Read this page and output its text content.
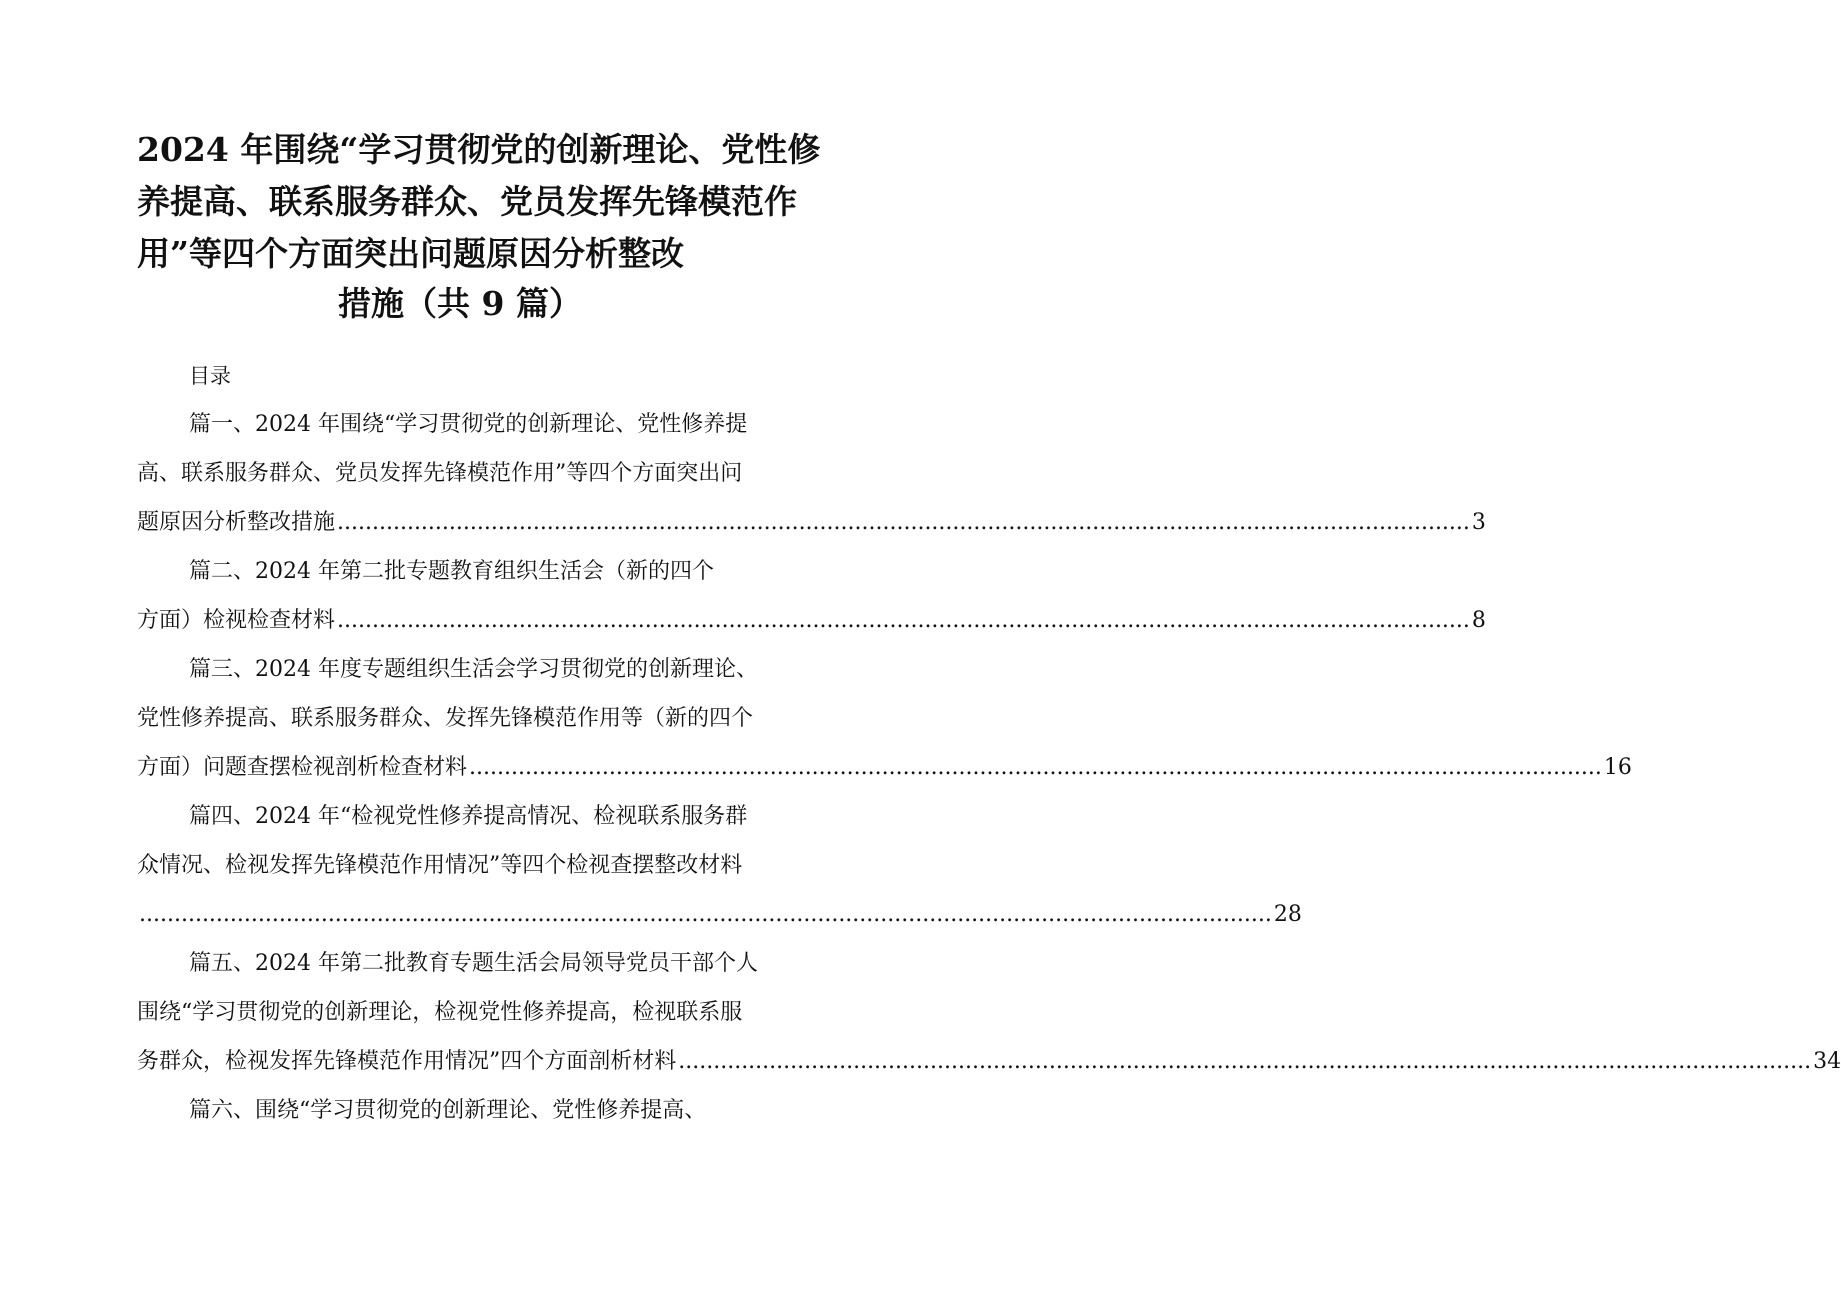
2024 年围绕“学习贯彻党的创新理论、党性修
养提高、联系服务群众、党员发挥先锋模范作
用”等四个方面突出问题原因分析整改
措施（共 9 篇）
目录
篇一、2024 年围绕“学习贯彻党的创新理论、党性修养提
高、联系服务群众、党员发挥先锋模范作用”等四个方面突出问
题原因分析整改措施 .................................................................................................................................................................. 3
篇二、2024 年第二批专题教育组织生活会（新的四个
方面）检视检查材料 .................................................................................................................................................................. 8
篇三、2024 年度专题组织生活会学习贯彻党的创新理论、
党性修养提高、联系服务群众、发挥先锋模范作用等（新的四个
方面）问题查摆检视剖析检查材料 .................................................................................................................................................................. 16
篇四、2024 年“检视党性修养提高情况、检视联系服务群
众情况、检视发挥先锋模范作用情况”等四个检视查摆整改材料
.................................................................................................................................................................. 28
篇五、2024 年第二批教育专题生活会局领导党员干部个人
围绕“学习贯彻党的创新理论，检视党性修养提高，检视联系服
务群众，检视发挥先锋模范作用情况”四个方面剖析材料 .................................................................................................................................................................. 34
篇六、围绕“学习贯彻党的创新理论、党性修养提高、
